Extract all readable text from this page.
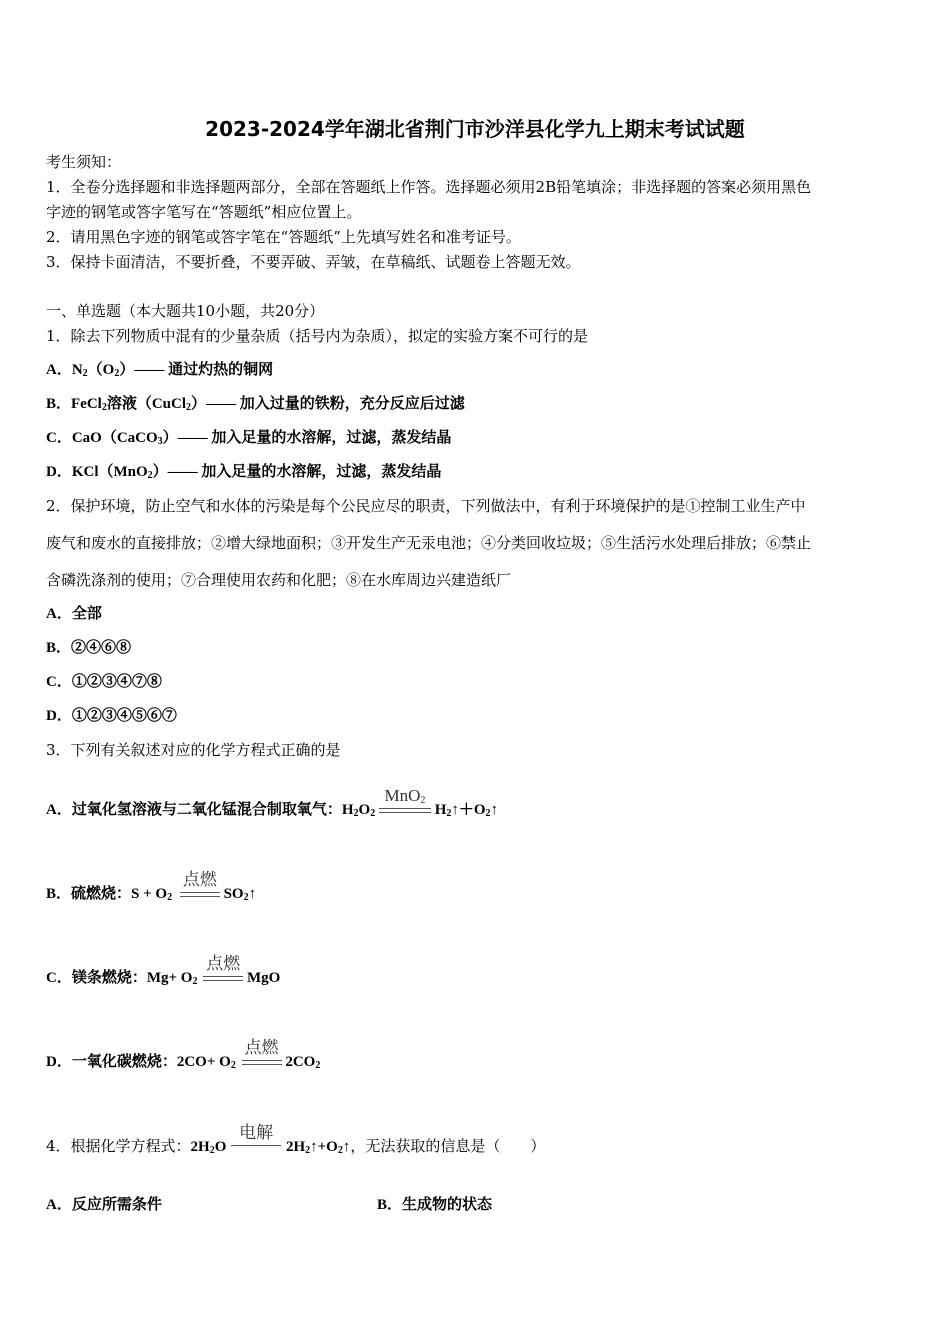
2023-2024学年湖北省荆门市沙洋县化学九上期末考试试题
考生须知：
1．全卷分选择题和非选择题两部分，全部在答题纸上作答。选择题必须用2B铅笔填涂；非选择题的答案必须用黑色
字迹的钢笔或答字笔写在“答题纸”相应位置上。
2．请用黑色字迹的钢笔或答字笔在“答题纸”上先填写姓名和准考证号。
3．保持卡面清洁，不要折叠，不要弄破、弄皱，在草稿纸、试题卷上答题无效。
一、单选题（本大题共10小题，共20分）
1．除去下列物质中混有的少量杂质（括号内为杂质），拟定的实验方案不可行的是
A．$N_2(O_2)——$ 通过灼热的铜网
B．FeCl$_2$溶液（CuCl$_2$）—— 加入过量的铁粉，充分反应后过滤
C．CaO（CaCO$_3$）—— 加入足量的水溶解，过滤，蒸发结晶
D．KCl（MnO$_2$）—— 加入足量的水溶解，过滤，蒸发结晶
2．保护环境，防止空气和水体的污染是每个公民应尽的职责，下列做法中，有利于环境保护的是①控制工业生产中
废气和废水的直接排放；②增大绿地面积；③开发生产无汞电池；④分类回收垃圾；⑤生活污水处理后排放；⑥禁止
含磷洗涤剂的使用；⑦合理使用农药和化肥；⑧在水库周边兴建造纸厂
A．全部
B．②④⑥⑧
C．①②③④⑦⑧
D．①②③④⑤⑥⑦
3．下列有关叙述对应的化学方程式正确的是
A．过氧化氢溶液与二氧化锰混合制取氧气：$H_2O_2$
MnO$_2$
$H_2↑+O_2↑$
B．硫燃烧：$S + O_2$
点燃
$SO_2↑$
C．镁条燃烧：$Mg+ O_2$
点燃
MgO
D．一氧化碳燃烧：$2CO+ O_2$
点燃
$2CO_2$
4．根据化学方程式：$2H_2O$
电解
$2H_2↑+O_2↑$，无法获取的信息是（　　）
A．反应所需条件	B．生成物的状态
